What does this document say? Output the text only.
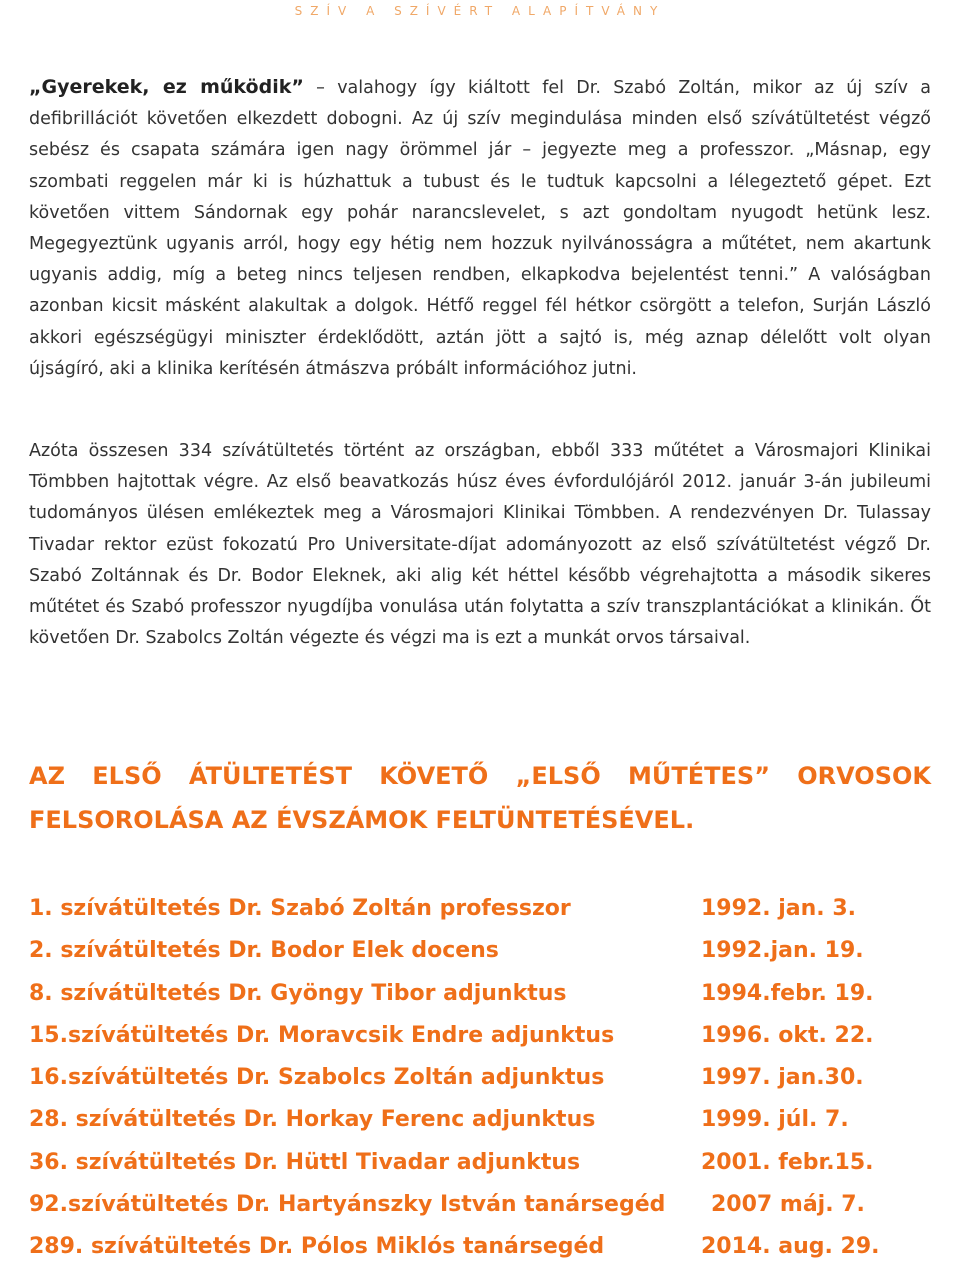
SZÍV A SZÍVÉRT ALAPÍTVÁNY

„Gyerekek, ez működik” – valahogy így kiáltott fel Dr. Szabó Zoltán, mikor az új szív a defibrillációt követően elkezdett dobogni. Az új szív megindulása minden első szívátültetést végző sebész és csapata számára igen nagy örömmel jár – jegyezte meg a professzor. „Másnap, egy szombati reggelen már ki is húzhattuk a tubust és le tudtuk kapcsolni a lélegeztető gépet. Ezt követően vittem Sándornak egy pohár narancslevelet, s azt gondoltam nyugodt hetünk lesz. Megegyeztünk ugyanis arról, hogy egy hétig nem hozzuk nyilvánosságra a műtétet, nem akartunk ugyanis addig, míg a beteg nincs teljesen rendben, elkapkodva bejelentést tenni.” A valóságban azonban kicsit másként alakultak a dolgok. Hétfő reggel fél hétkor csörgött a telefon, Surján László akkori egészségügyi miniszter érdeklődött, aztán jött a sajtó is, még aznap délelőtt volt olyan újságíró, aki a klinika kerítésén átmászva próbált információhoz jutni.

Azóta összesen 334 szívátültetés történt az országban, ebből 333 műtétet a Városmajori Klinikai Tömbben hajtottak végre. Az első beavatkozás húsz éves évfordulójáról 2012. január 3-án jubileumi tudományos ülésen emlékeztek meg a Városmajori Klinikai Tömbben. A rendezvényen Dr. Tulassay Tivadar rektor ezüst fokozatú Pro Universitate-díjat adományozott az első szívátültetést végző Dr. Szabó Zoltánnak és Dr. Bodor Eleknek, aki alig két héttel később végrehajtotta a második sikeres műtétet és Szabó professzor nyugdíjba vonulása után folytatta a szív transzplantációkat a klinikán. Őt követően Dr. Szabolcs Zoltán végezte és végzi ma is ezt a munkát orvos társaival.

AZ ELSŐ ÁTÜLTETÉST KÖVETŐ „ELSŐ MŰTÉTES” ORVOSOK
FELSOROLÁSA AZ ÉVSZÁMOK FELTÜNTETÉSÉVEL.
1. szívátültetés Dr. Szabó Zoltán professzor	1992. jan. 3.
2. szívátültetés Dr. Bodor Elek docens	1992.jan. 19.
8. szívátültetés Dr. Gyöngy Tibor adjunktus	1994.febr. 19.
15.szívátültetés Dr. Moravcsik Endre adjunktus	1996. okt. 22.
16.szívátültetés Dr. Szabolcs Zoltán adjunktus	1997. jan.30.
28. szívátültetés Dr. Horkay Ferenc adjunktus	1999. júl. 7.
36. szívátültetés Dr. Hüttl Tivadar adjunktus	2001. febr.15.
92.szívátültetés Dr. Hartyánszky István tanársegéd 2007 máj. 7.
289. szívátültetés Dr. Pólos Miklós tanársegéd	2014. aug. 29.
